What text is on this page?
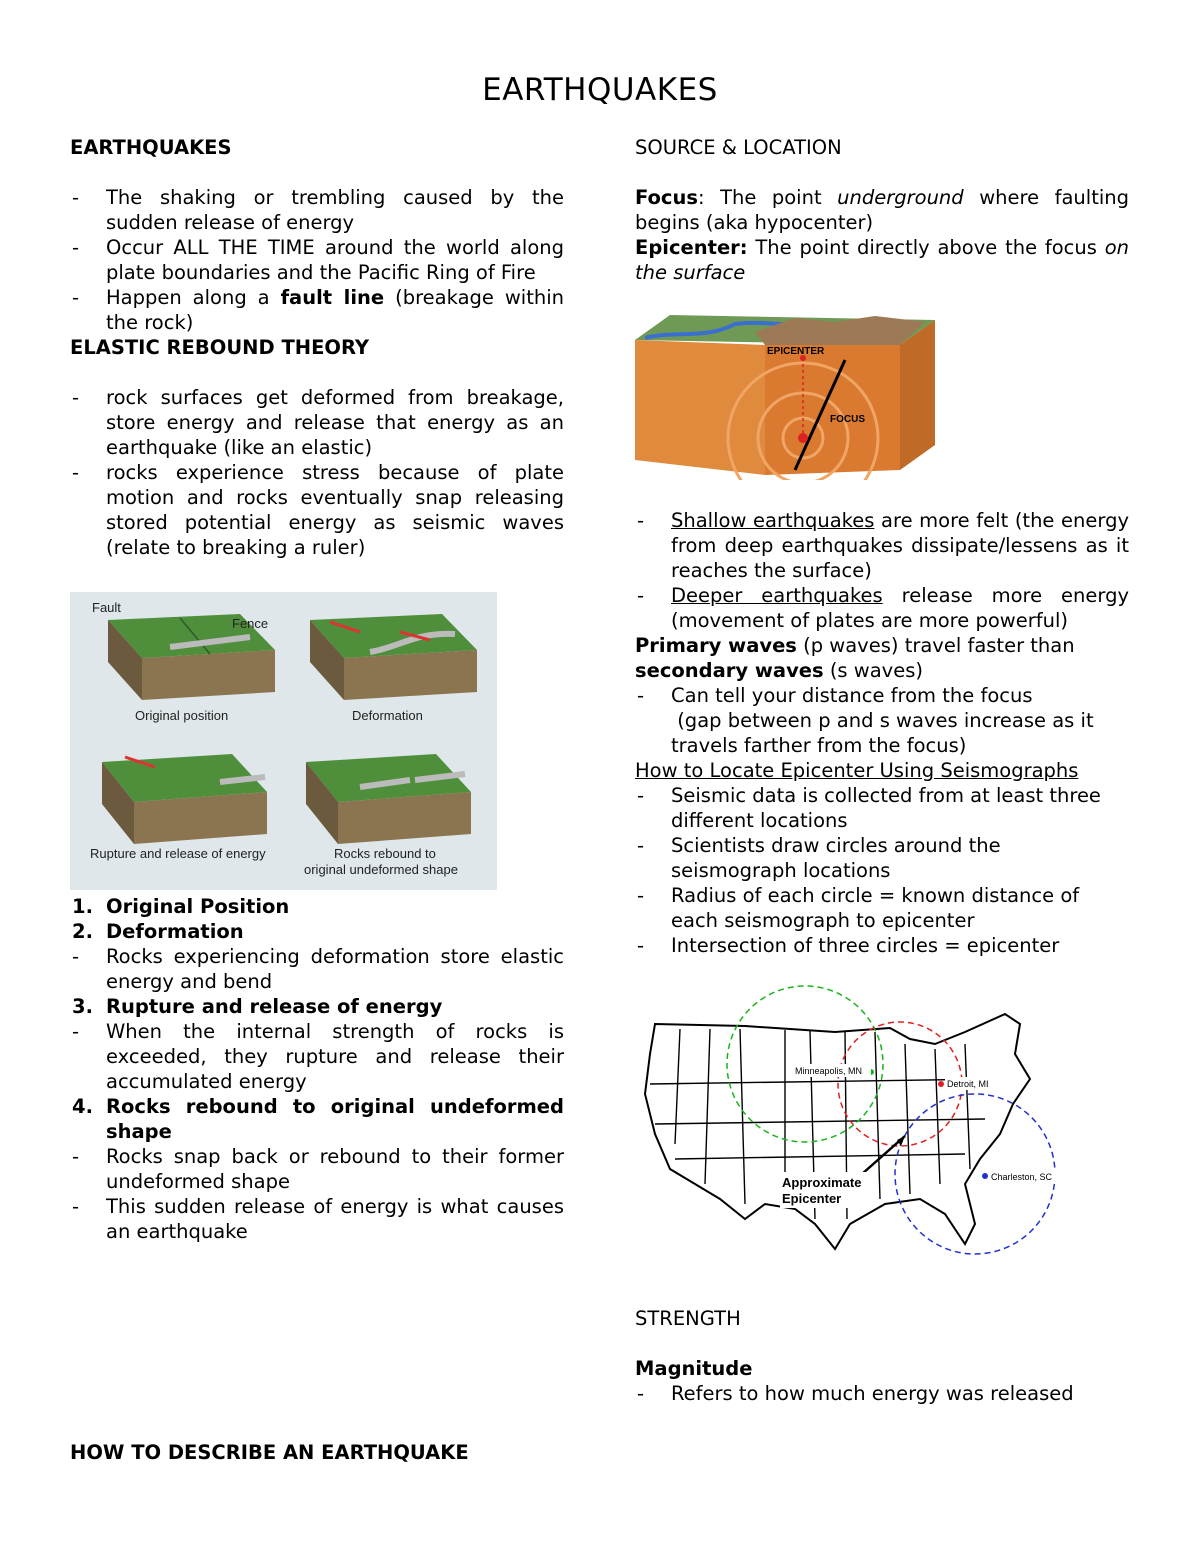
EARTHQUAKES
EARTHQUAKES
- The shaking or trembling caused by the sudden release of energy
- Occur ALL THE TIME around the world along plate boundaries and the Pacific Ring of Fire
- Happen along a fault line (breakage within the rock)
ELASTIC REBOUND THEORY
- rock surfaces get deformed from breakage, store energy and release that energy as an earthquake (like an elastic)
- rocks experience stress because of plate motion and rocks eventually snap releasing stored potential energy as seismic waves (relate to breaking a ruler)
Fault
Fence
Original position	Deformation
Rupture and release of energy	Rocks rebound to
original undeformed shape
1. Original Position
2. Deformation
- Rocks experiencing deformation store elastic energy and bend
3. Rupture and release of energy
- When the internal strength of rocks is exceeded, they rupture and release their accumulated energy
4. Rocks rebound to original undeformed shape
- Rocks snap back or rebound to their former undeformed shape
- This sudden release of energy is what causes an earthquake
HOW TO DESCRIBE AN EARTHQUAKE
SOURCE & LOCATION
Focus: The point underground where faulting begins (aka hypocenter)
Epicenter: The point directly above the focus on the surface
EPICENTER
FOCUS
- Shallow earthquakes are more felt (the energy from deep earthquakes dissipate/lessens as it reaches the surface)
- Deeper earthquakes release more energy (movement of plates are more powerful)
Primary waves (p waves) travel faster than
secondary waves (s waves)
- Can tell your distance from the focus
(gap between p and s waves increase as it travels farther from the focus)
How to Locate Epicenter Using Seismographs
- Seismic data is collected from at least three different locations
- Scientists draw circles around the seismograph locations
- Radius of each circle = known distance of each seismograph to epicenter
- Intersection of three circles = epicenter
Minneapolis, MN
Detroit, MI
Charleston, SC
Approximate
Epicenter
STRENGTH
Magnitude
- Refers to how much energy was released
